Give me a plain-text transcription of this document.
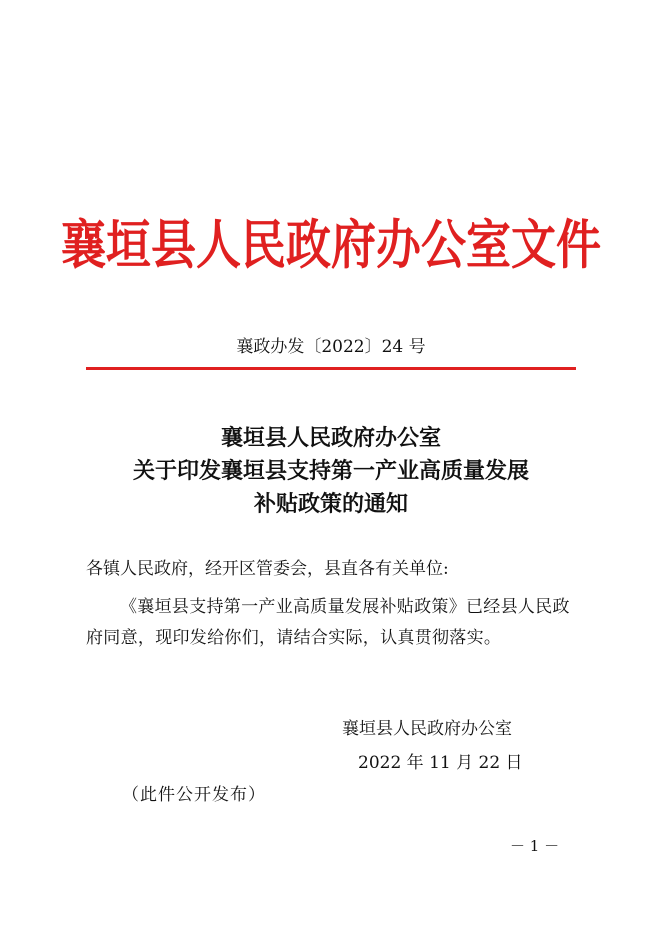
襄垣县人民政府办公室文件
襄政办发〔2022〕24 号
襄垣县人民政府办公室
关于印发襄垣县支持第一产业高质量发展
补贴政策的通知
各镇人民政府，经开区管委会，县直各有关单位:
《襄垣县支持第一产业高质量发展补贴政策》已经县人民政府同意，现印发给你们，请结合实际，认真贯彻落实。
襄垣县人民政府办公室
2022 年 11 月 22 日
（此件公开发布）
－ 1 －
